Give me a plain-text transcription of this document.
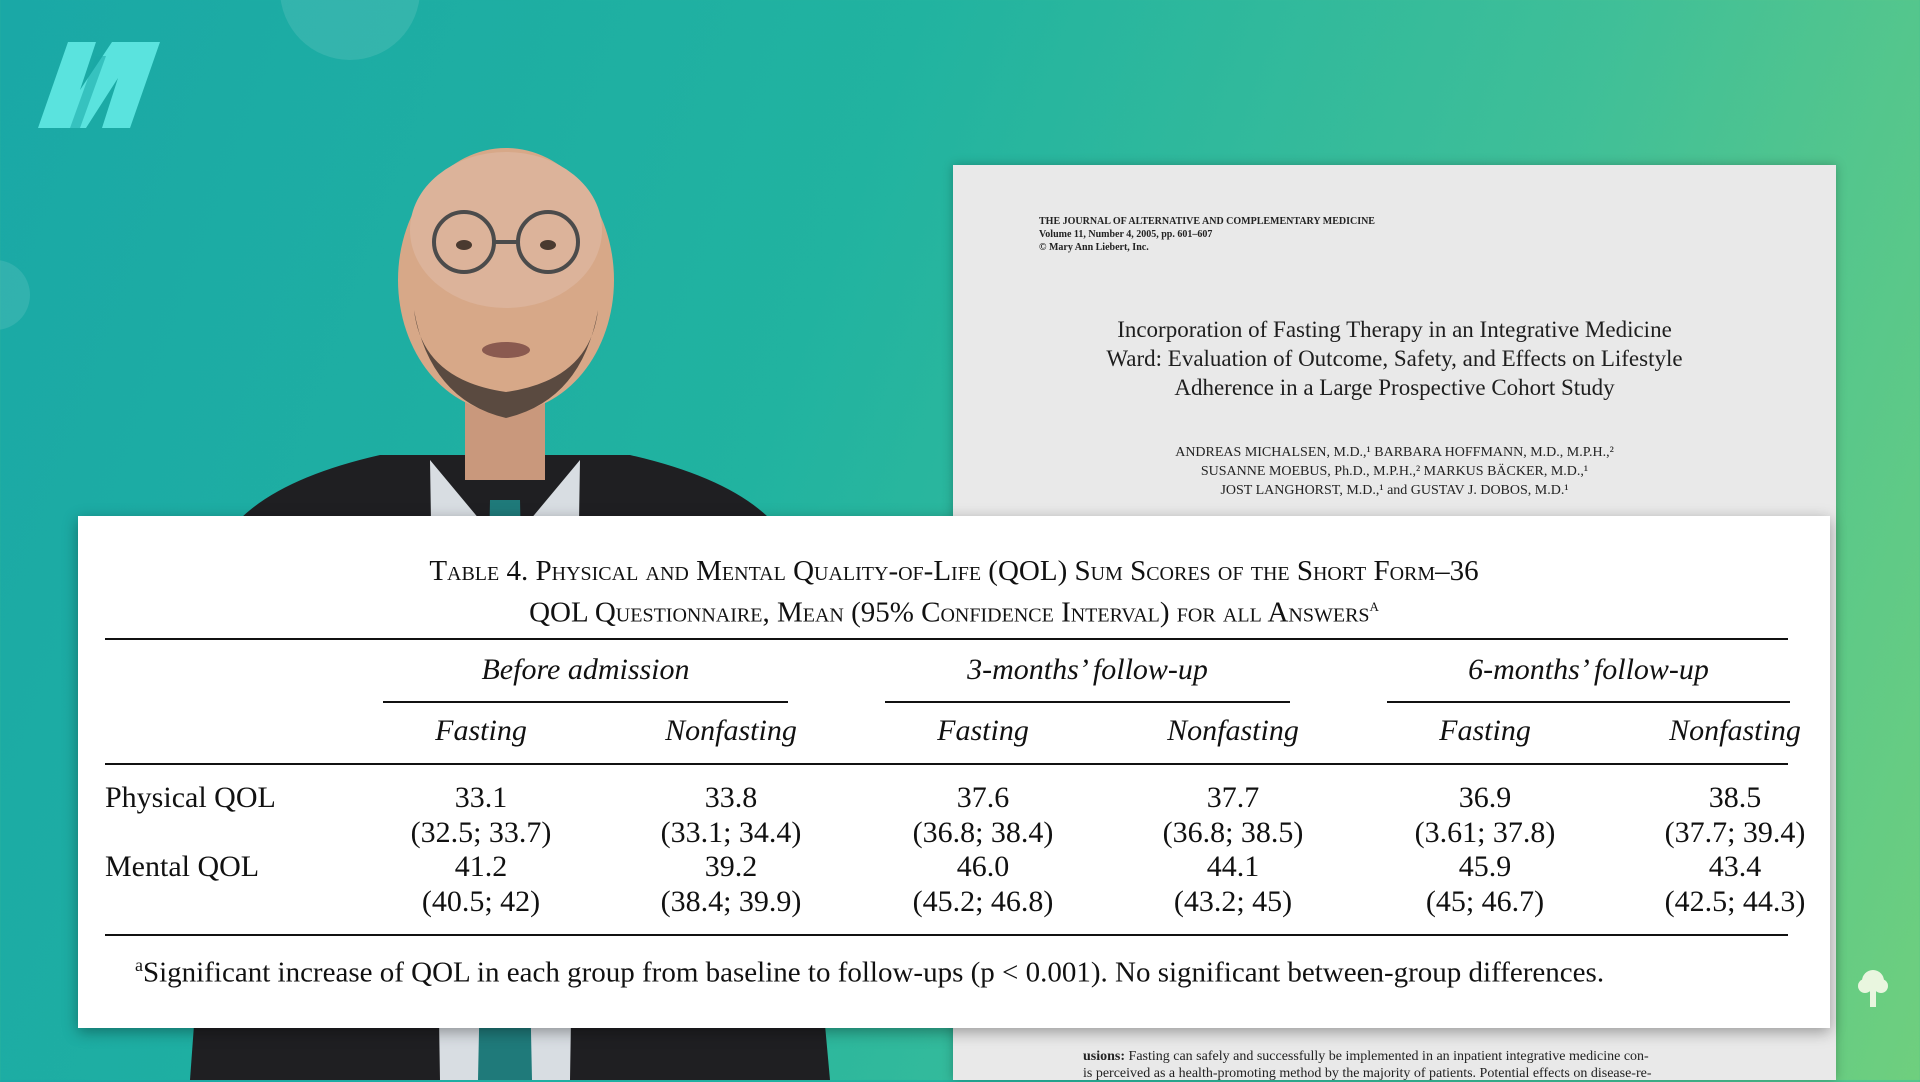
THE JOURNAL OF ALTERNATIVE AND COMPLEMENTARY MEDICINE
Volume 11, Number 4, 2005, pp. 601–607
© Mary Ann Liebert, Inc.
Incorporation of Fasting Therapy in an Integrative Medicine
Ward: Evaluation of Outcome, Safety, and Effects on Lifestyle
Adherence in a Large Prospective Cohort Study
ANDREAS MICHALSEN, M.D.,¹ BARBARA HOFFMANN, M.D., M.P.H.,²
SUSANNE MOEBUS, Ph.D., M.P.H.,² MARKUS BÄCKER, M.D.,¹
JOST LANGHORST, M.D.,¹ and GUSTAV J. DOBOS, M.D.¹
usions: Fasting can safely and successfully be implemented in an inpatient integrative medicine con-
is perceived as a health-promoting method by the majority of patients. Potential effects on disease-re-
Table 4. Physical and Mental Quality-of-Life (QOL) Sum Scores of the Short Form–36
QOL Questionnaire, Mean (95% Confidence Interval) for all Answers$^a$
Before admission	3-months’ follow-up	6-months’ follow-up
Fasting	Nonfasting	Fasting	Nonfasting	Fasting	Nonfasting
Physical QOL	33.1	33.8	37.6	37.7	36.9	38.5
(32.5; 33.7)	(33.1; 34.4)	(36.8; 38.4)	(36.8; 38.5)	(3.61; 37.8)	(37.7; 39.4)
Mental QOL	41.2	39.2	46.0	44.1	45.9	43.4
(40.5; 42)	(38.4; 39.9)	(45.2; 46.8)	(43.2; 45)	(45; 46.7)	(42.5; 44.3)
$^a$Significant increase of QOL in each group from baseline to follow-ups (p < 0.001). No significant between-group differences.
